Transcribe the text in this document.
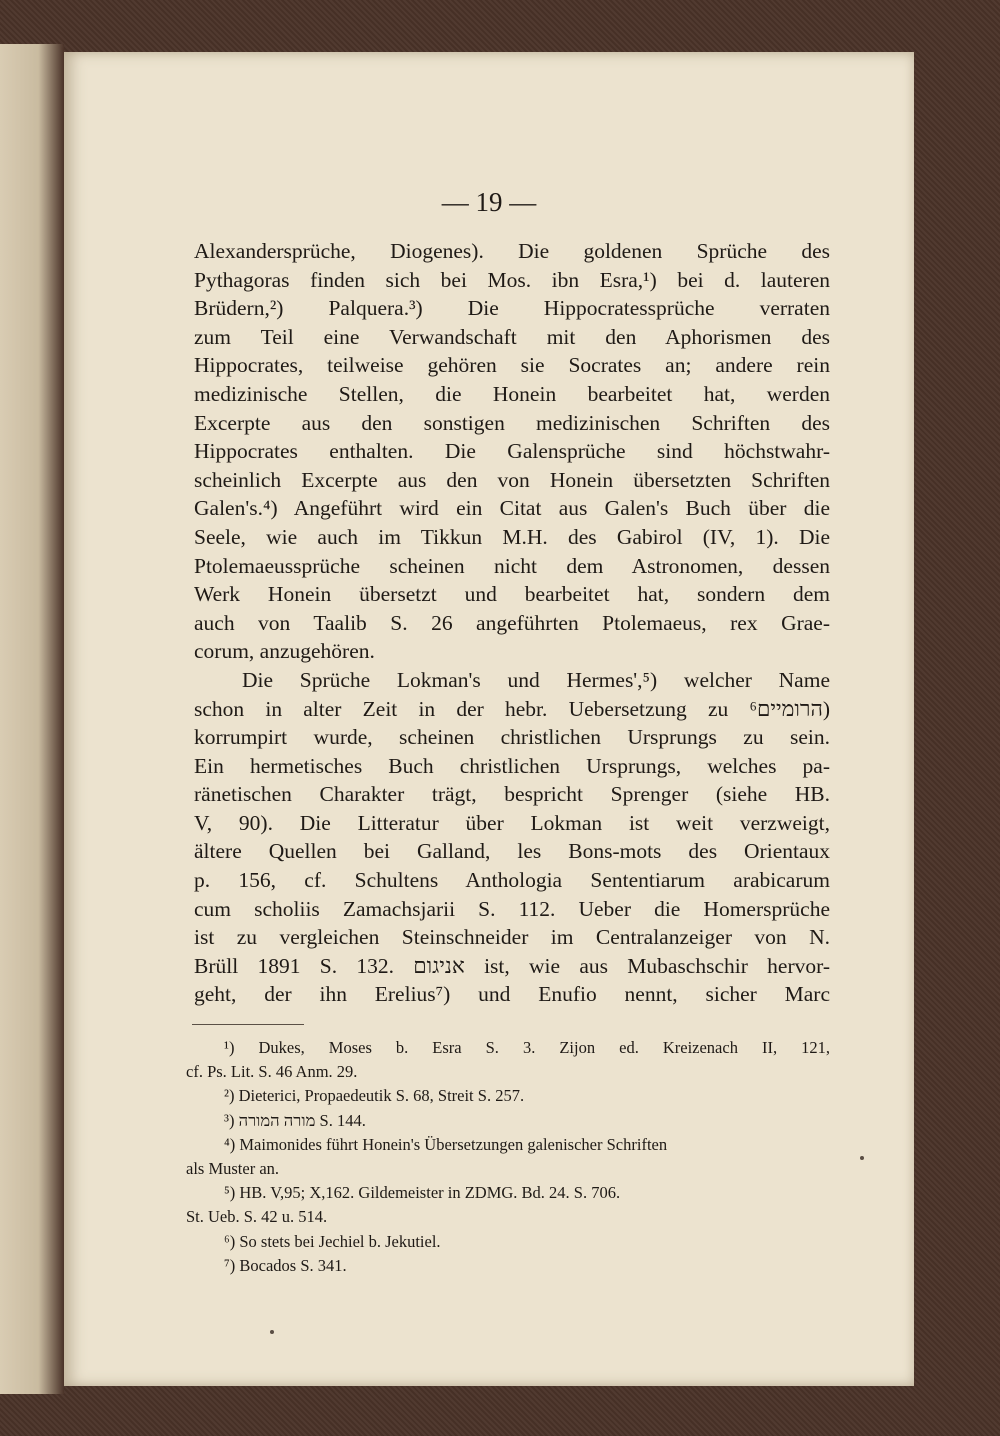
— 19 —
Alexandersprüche, Diogenes). Die goldenen Sprüche des
Pythagoras finden sich bei Mos. ibn Esra,¹) bei d. lauteren
Brüdern,²) Palquera.³) Die Hippocratessprüche verraten
zum Teil eine Verwandschaft mit den Aphorismen des
Hippocrates, teilweise gehören sie Socrates an; andere rein
medizinische Stellen, die Honein bearbeitet hat, werden
Excerpte aus den sonstigen medizinischen Schriften des
Hippocrates enthalten. Die Galensprüche sind höchstwahr-
scheinlich Excerpte aus den von Honein übersetzten Schriften
Galen's.⁴) Angeführt wird ein Citat aus Galen's Buch über die
Seele, wie auch im Tikkun M.H. des Gabirol (IV, 1). Die
Ptolemaeussprüche scheinen nicht dem Astronomen, dessen
Werk Honein übersetzt und bearbeitet hat, sondern dem
auch von Taalib S. 26 angeführten Ptolemaeus, rex Grae-
corum, anzugehören.
Die Sprüche Lokman's und Hermes',⁵) welcher Name
schon in alter Zeit in der hebr. Uebersetzung zu הרומיים⁶)
korrumpirt wurde, scheinen christlichen Ursprungs zu sein.
Ein hermetisches Buch christlichen Ursprungs, welches pa-
ränetischen Charakter trägt, bespricht Sprenger (siehe HB.
V, 90). Die Litteratur über Lokman ist weit verzweigt,
ältere Quellen bei Galland, les Bons-mots des Orientaux
p. 156, cf. Schultens Anthologia Sententiarum arabicarum
cum scholiis Zamachsjarii S. 112. Ueber die Homersprüche
ist zu vergleichen Steinschneider im Centralanzeiger von N.
Brüll 1891 S. 132. אניגום ist, wie aus Mubaschschir hervor-
geht, der ihn Erelius⁷) und Enufio nennt, sicher Marc
¹) Dukes, Moses b. Esra S. 3. Zijon ed. Kreizenach II, 121,
cf. Ps. Lit. S. 46 Anm. 29.
²) Dieterici, Propaedeutik S. 68, Streit S. 257.
³) מורה המורה S. 144.
⁴) Maimonides führt Honein's Übersetzungen galenischer Schriften
als Muster an.
⁵) HB. V,95; X,162. Gildemeister in ZDMG. Bd. 24. S. 706.
St. Ueb. S. 42 u. 514.
⁶) So stets bei Jechiel b. Jekutiel.
⁷) Bocados S. 341.
